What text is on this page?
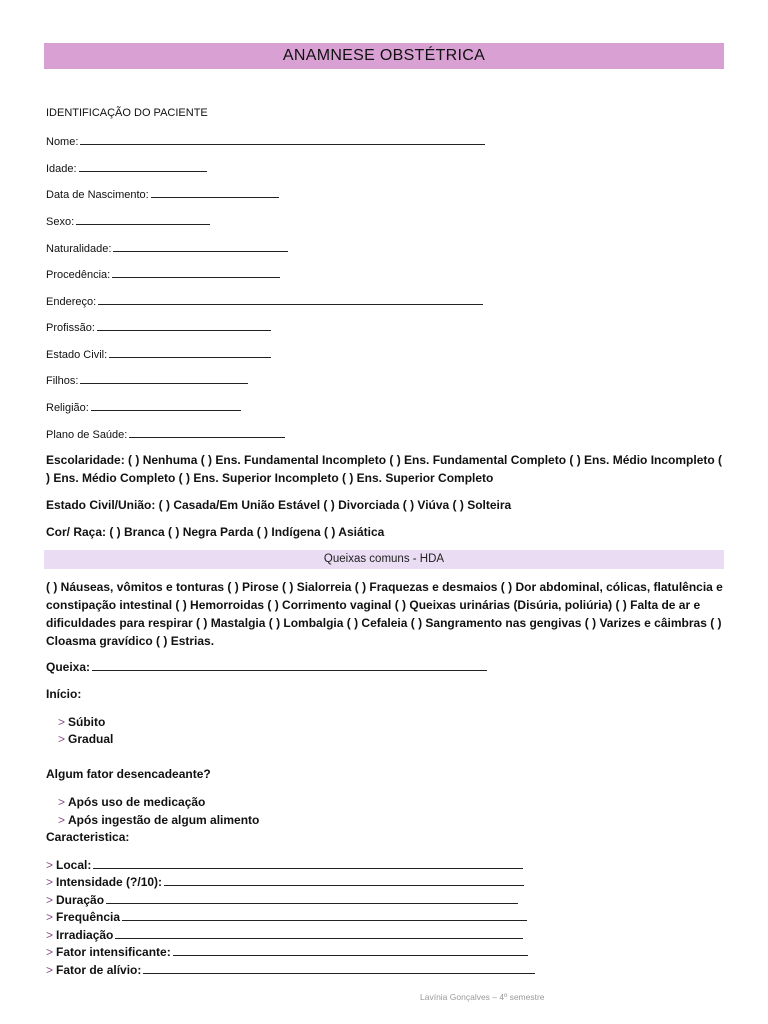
ANAMNESE OBSTÉTRICA
IDENTIFICAÇÃO DO PACIENTE
Nome:
Idade:
Data de Nascimento:
Sexo:
Naturalidade:
Procedência:
Endereço:
Profissão:
Estado Civil:
Filhos:
Religião:
Plano de Saúde:
Escolaridade: ( ) Nenhuma ( ) Ens. Fundamental Incompleto ( ) Ens. Fundamental Completo ( ) Ens. Médio Incompleto ( ) Ens. Médio Completo ( ) Ens. Superior Incompleto ( ) Ens. Superior Completo
Estado Civil/União: ( ) Casada/Em União Estável ( ) Divorciada ( ) Viúva ( ) Solteira
Cor/ Raça: ( ) Branca ( ) Negra Parda ( ) Indígena ( ) Asiática
Queixas comuns - HDA
( ) Náuseas, vômitos e tonturas ( ) Pirose ( ) Sialorreia ( ) Fraquezas e desmaios ( ) Dor abdominal, cólicas, flatulência e constipação intestinal ( ) Hemorroidas ( ) Corrimento vaginal ( ) Queixas urinárias (Disúria, poliúria) ( ) Falta de ar e dificuldades para respirar ( ) Mastalgia ( ) Lombalgia ( ) Cefaleia ( ) Sangramento nas gengivas ( ) Varizes e câimbras ( ) Cloasma gravídico ( ) Estrias.
Queixa:
Início:
> Súbito
> Gradual
Algum fator desencadeante?
> Após uso de medicação
> Após ingestão de algum alimento
Caracteristica:
> Local:
> Intensidade (?/10):
> Duração
> Frequência
> Irradiação
> Fator intensificante:
> Fator de alívio:
Lavínia Gonçalves – 4º semestre
